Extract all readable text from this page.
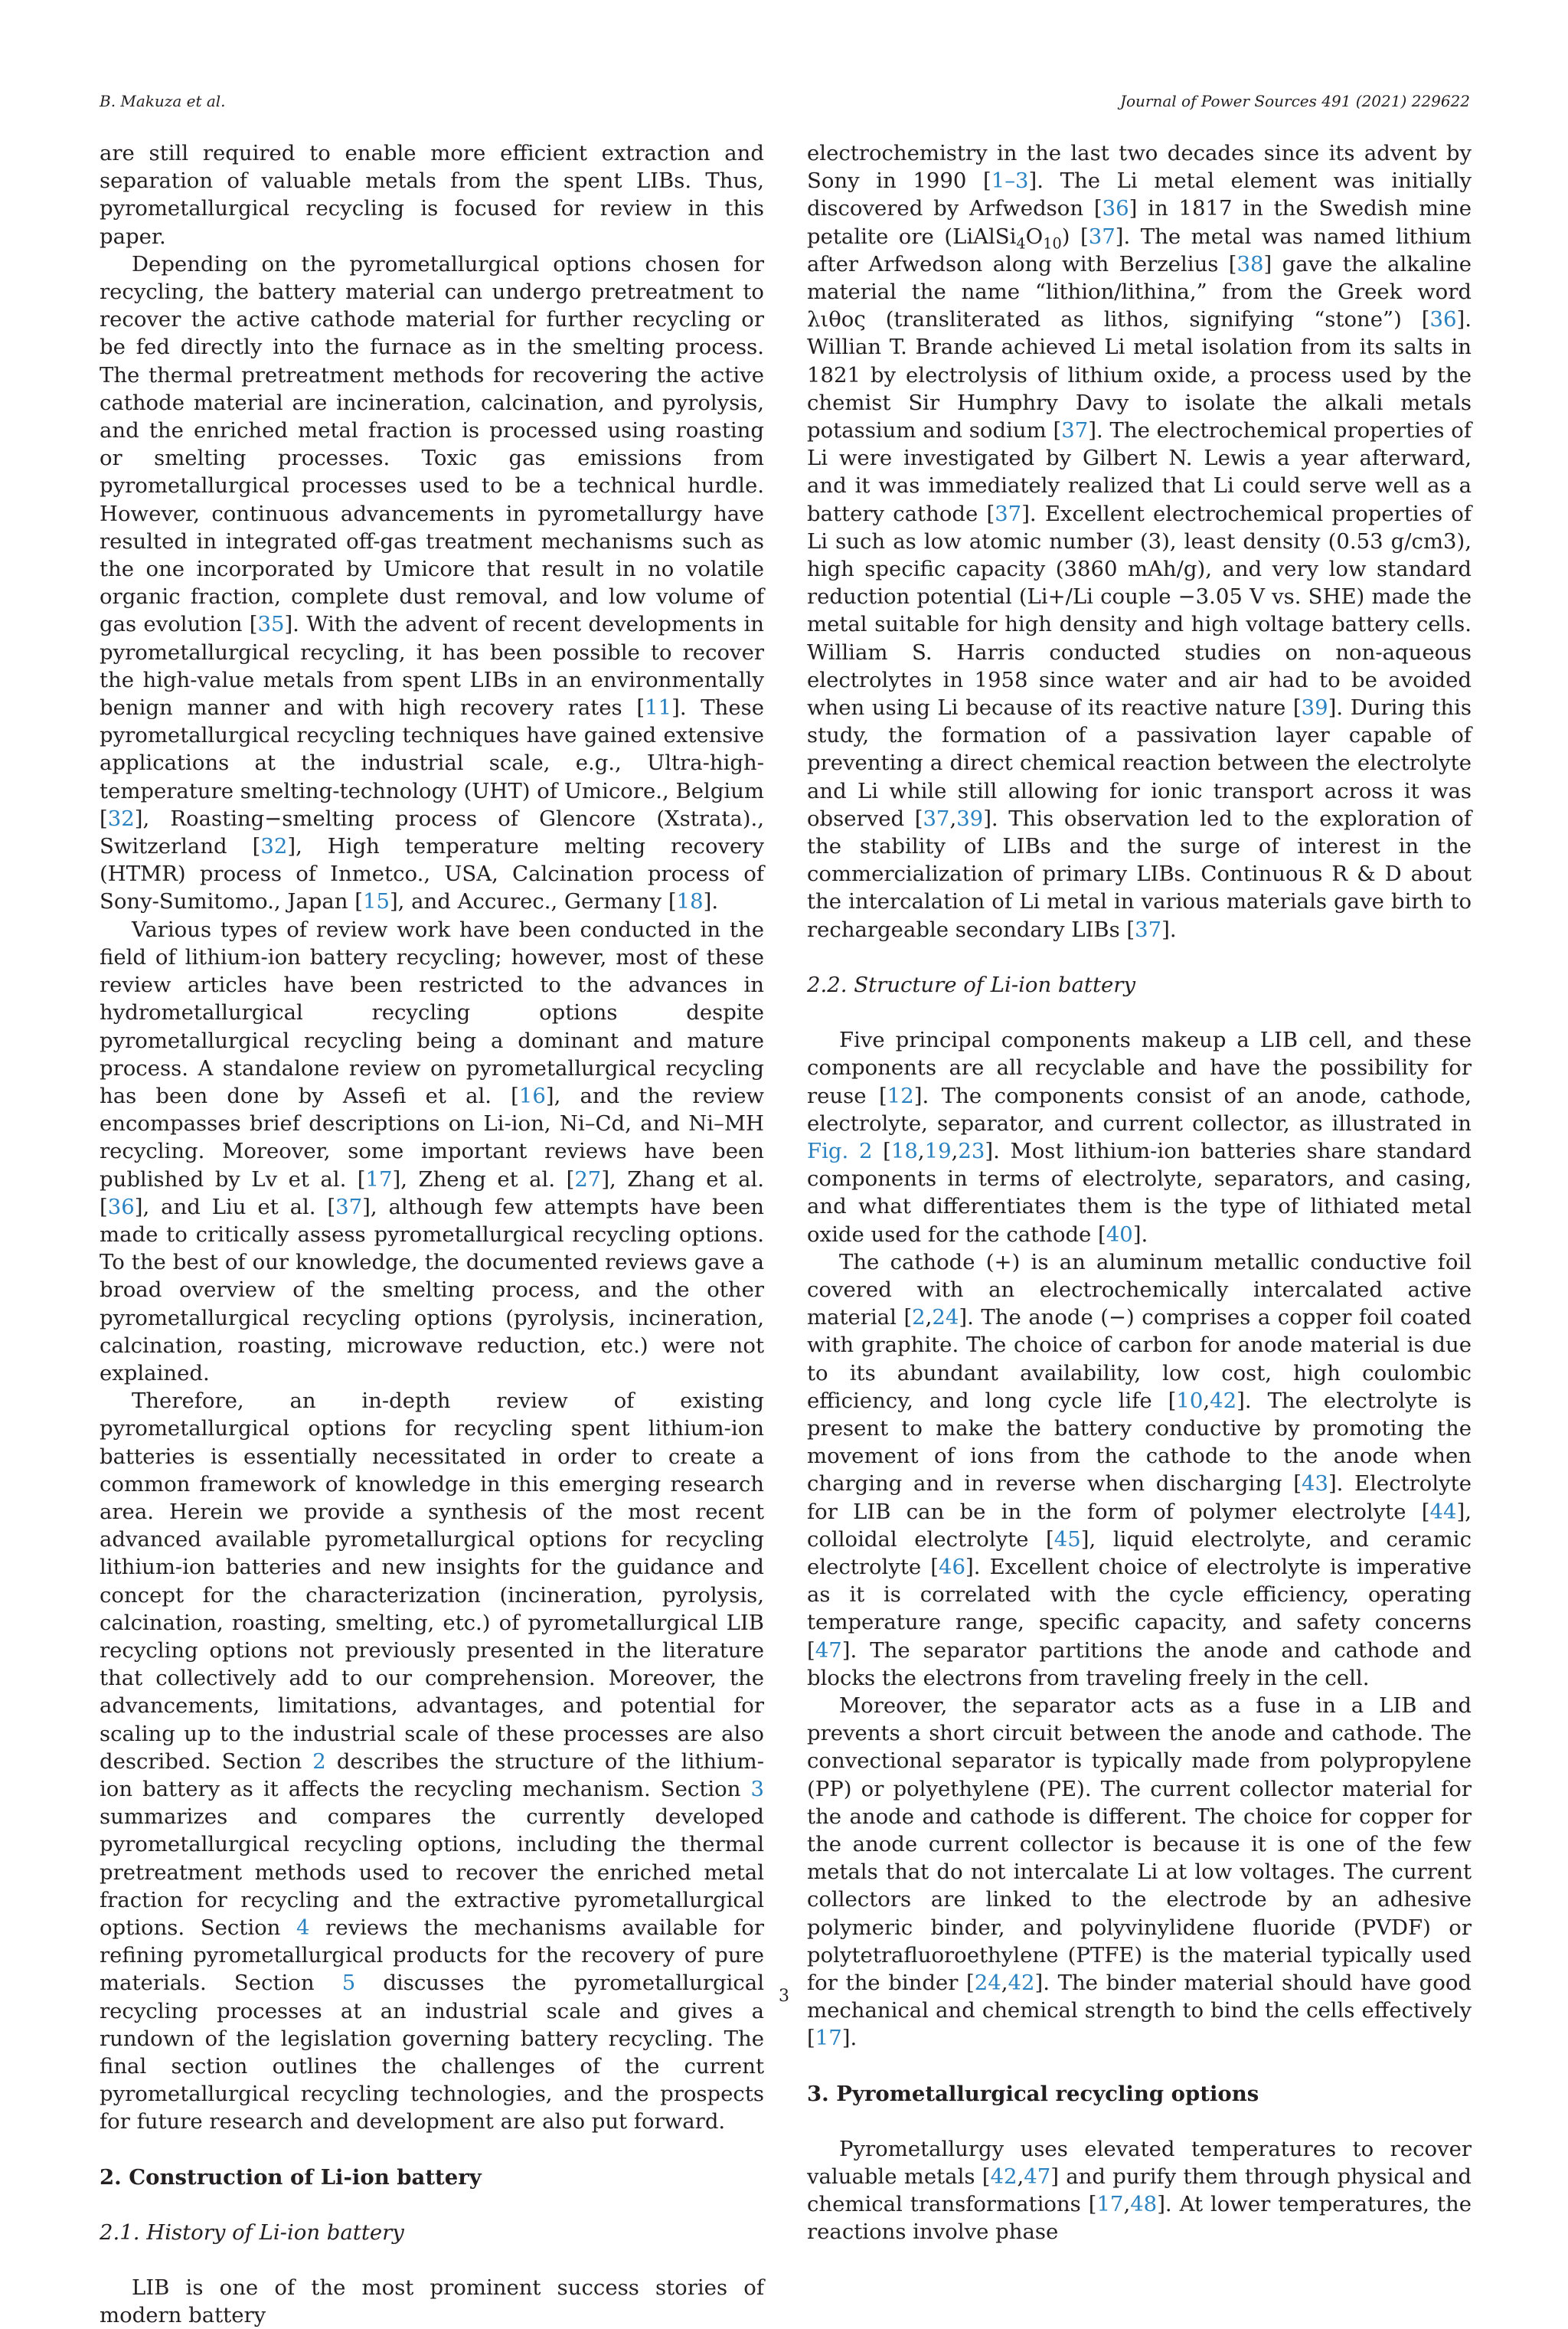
B. Makuza et al.	Journal of Power Sources 491 (2021) 229622

are still required to enable more efficient extraction and separation of valuable metals from the spent LIBs. Thus, pyrometallurgical recycling is focused for review in this paper.

Depending on the pyrometallurgical options chosen for recycling, the battery material can undergo pretreatment to recover the active cathode material for further recycling or be fed directly into the furnace as in the smelting process. The thermal pretreatment methods for recovering the active cathode material are incineration, calcination, and pyrolysis, and the enriched metal fraction is processed using roasting or smelting processes. Toxic gas emissions from pyrometallurgical processes used to be a technical hurdle. However, continuous advancements in pyrometallurgy have resulted in integrated off-gas treatment mechanisms such as the one incorporated by Umicore that result in no volatile organic fraction, complete dust removal, and low volume of gas evolution [35]. With the advent of recent developments in pyrometallurgical recycling, it has been possible to recover the high-value metals from spent LIBs in an environmentally benign manner and with high recovery rates [11]. These pyrometallurgical recycling techniques have gained extensive applications at the industrial scale, e.g., Ultra-high-temperature smelting-technology (UHT) of Umicore., Belgium [32], Roasting−smelting process of Glencore (Xstrata)., Switzerland [32], High temperature melting recovery (HTMR) process of Inmetco., USA, Calcination process of Sony-Sumitomo., Japan [15], and Accurec., Germany [18].

Various types of review work have been conducted in the field of lithium-ion battery recycling; however, most of these review articles have been restricted to the advances in hydrometallurgical recycling options despite pyrometallurgical recycling being a dominant and mature process. A standalone review on pyrometallurgical recycling has been done by Assefi et al. [16], and the review encompasses brief descriptions on Li-ion, Ni–Cd, and Ni–MH recycling. Moreover, some important reviews have been published by Lv et al. [17], Zheng et al. [27], Zhang et al. [36], and Liu et al. [37], although few attempts have been made to critically assess pyrometallurgical recycling options. To the best of our knowledge, the documented reviews gave a broad overview of the smelting process, and the other pyrometallurgical recycling options (pyrolysis, incineration, calcination, roasting, microwave reduction, etc.) were not explained.

Therefore, an in-depth review of existing pyrometallurgical options for recycling spent lithium-ion batteries is essentially necessitated in order to create a common framework of knowledge in this emerging research area. Herein we provide a synthesis of the most recent advanced available pyrometallurgical options for recycling lithium-ion batteries and new insights for the guidance and concept for the characterization (incineration, pyrolysis, calcination, roasting, smelting, etc.) of pyrometallurgical LIB recycling options not previously presented in the literature that collectively add to our comprehension. Moreover, the advancements, limitations, advantages, and potential for scaling up to the industrial scale of these processes are also described. Section 2 describes the structure of the lithium-ion battery as it affects the recycling mechanism. Section 3 summarizes and compares the currently developed pyrometallurgical recycling options, including the thermal pretreatment methods used to recover the enriched metal fraction for recycling and the extractive pyrometallurgical options. Section 4 reviews the mechanisms available for refining pyrometallurgical products for the recovery of pure materials. Section 5 discusses the pyrometallurgical recycling processes at an industrial scale and gives a rundown of the legislation governing battery recycling. The final section outlines the challenges of the current pyrometallurgical recycling technologies, and the prospects for future research and development are also put forward.

2. Construction of Li-ion battery
2.1. History of Li-ion battery

LIB is one of the most prominent success stories of modern battery

electrochemistry in the last two decades since its advent by Sony in 1990 [1–3]. The Li metal element was initially discovered by Arfwedson [36] in 1817 in the Swedish mine petalite ore $(LiAlSi_4O_{10})$ [37]. The metal was named lithium after Arfwedson along with Berzelius [38] gave the alkaline material the name “lithion/lithina,” from the Greek word λιθος (transliterated as lithos, signifying “stone”) [36]. Willian T. Brande achieved Li metal isolation from its salts in 1821 by electrolysis of lithium oxide, a process used by the chemist Sir Humphry Davy to isolate the alkali metals potassium and sodium [37]. The electrochemical properties of Li were investigated by Gilbert N. Lewis a year afterward, and it was immediately realized that Li could serve well as a battery cathode [37]. Excellent electrochemical properties of Li such as low atomic number (3), least density (0.53 g/cm3), high specific capacity (3860 mAh/g), and very low standard reduction potential (Li+/Li couple −3.05 V vs. SHE) made the metal suitable for high density and high voltage battery cells. William S. Harris conducted studies on non-aqueous electrolytes in 1958 since water and air had to be avoided when using Li because of its reactive nature [39]. During this study, the formation of a passivation layer capable of preventing a direct chemical reaction between the electrolyte and Li while still allowing for ionic transport across it was observed [37,39]. This observation led to the exploration of the stability of LIBs and the surge of interest in the commercialization of primary LIBs. Continuous R & D about the intercalation of Li metal in various materials gave birth to rechargeable secondary LIBs [37].

2.2. Structure of Li-ion battery

Five principal components makeup a LIB cell, and these components are all recyclable and have the possibility for reuse [12]. The components consist of an anode, cathode, electrolyte, separator, and current collector, as illustrated in Fig. 2 [18,19,23]. Most lithium-ion batteries share standard components in terms of electrolyte, separators, and casing, and what differentiates them is the type of lithiated metal oxide used for the cathode [40].

The cathode (+) is an aluminum metallic conductive foil covered with an electrochemically intercalated active material [2,24]. The anode (−) comprises a copper foil coated with graphite. The choice of carbon for anode material is due to its abundant availability, low cost, high coulombic efficiency, and long cycle life [10,42]. The electrolyte is present to make the battery conductive by promoting the movement of ions from the cathode to the anode when charging and in reverse when discharging [43]. Electrolyte for LIB can be in the form of polymer electrolyte [44], colloidal electrolyte [45], liquid electrolyte, and ceramic electrolyte [46]. Excellent choice of electrolyte is imperative as it is correlated with the cycle efficiency, operating temperature range, specific capacity, and safety concerns [47]. The separator partitions the anode and cathode and blocks the electrons from traveling freely in the cell.

Moreover, the separator acts as a fuse in a LIB and prevents a short circuit between the anode and cathode. The convectional separator is typically made from polypropylene (PP) or polyethylene (PE). The current collector material for the anode and cathode is different. The choice for copper for the anode current collector is because it is one of the few metals that do not intercalate Li at low voltages. The current collectors are linked to the electrode by an adhesive polymeric binder, and polyvinylidene fluoride (PVDF) or polytetrafluoroethylene (PTFE) is the material typically used for the binder [24,42]. The binder material should have good mechanical and chemical strength to bind the cells effectively [17].

3. Pyrometallurgical recycling options

Pyrometallurgy uses elevated temperatures to recover valuable metals [42,47] and purify them through physical and chemical transformations [17,48]. At lower temperatures, the reactions involve phase

3
